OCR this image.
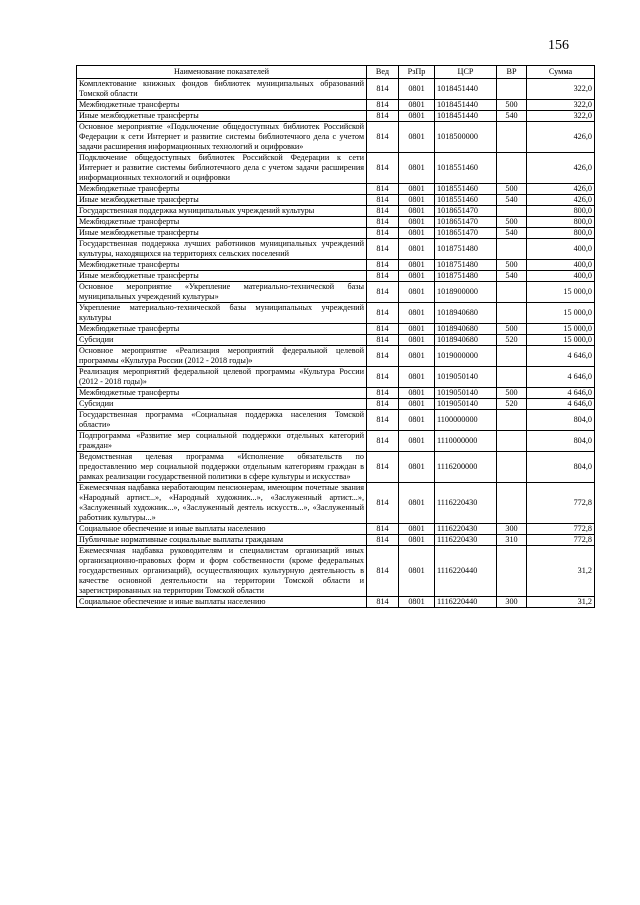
156
Наименование показателей	Вед	РзПр	ЦСР	ВР	Сумма
Комплектование книжных фондов библиотек муниципальных образований Томской области	814	0801	1018451440		322,0
Межбюджетные трансферты	814	0801	1018451440	500	322,0
Иные межбюджетные трансферты	814	0801	1018451440	540	322,0
Основное мероприятие «Подключение общедоступных библиотек Российской Федерации к сети Интернет и развитие системы библиотечного дела с учетом задачи расширения информационных технологий и оцифровки»	814	0801	1018500000		426,0
Подключение общедоступных библиотек Российской Федерации к сети Интернет и развитие системы библиотечного дела с учетом задачи расширения информационных технологий и оцифровки	814	0801	1018551460		426,0
Межбюджетные трансферты	814	0801	1018551460	500	426,0
Иные межбюджетные трансферты	814	0801	1018551460	540	426,0
Государственная поддержка муниципальных учреждений культуры	814	0801	1018651470		800,0
Межбюджетные трансферты	814	0801	1018651470	500	800,0
Иные межбюджетные трансферты	814	0801	1018651470	540	800,0
Государственная поддержка лучших работников муниципальных учреждений культуры, находящихся на территориях сельских поселений	814	0801	1018751480		400,0
Межбюджетные трансферты	814	0801	1018751480	500	400,0
Иные межбюджетные трансферты	814	0801	1018751480	540	400,0
Основное мероприятие «Укрепление материально-технической базы муниципальных учреждений культуры»	814	0801	1018900000		15 000,0
Укрепление материально-технической базы муниципальных учреждений культуры	814	0801	1018940680		15 000,0
Межбюджетные трансферты	814	0801	1018940680	500	15 000,0
Субсидии	814	0801	1018940680	520	15 000,0
Основное мероприятие «Реализация мероприятий федеральной целевой программы «Культура России (2012 - 2018 годы)»	814	0801	1019000000		4 646,0
Реализация мероприятий федеральной целевой программы «Культура России (2012 - 2018 годы)»	814	0801	1019050140		4 646,0
Межбюджетные трансферты	814	0801	1019050140	500	4 646,0
Субсидии	814	0801	1019050140	520	4 646,0
Государственная программа «Социальная поддержка населения Томской области»	814	0801	1100000000		804,0
Подпрограмма «Развитие мер социальной поддержки отдельных категорий граждан»	814	0801	1110000000		804,0
Ведомственная целевая программа «Исполнение обязательств по предоставлению мер социальной поддержки отдельным категориям граждан в рамках реализации государственной политики в сфере культуры и искусства»	814	0801	1116200000		804,0
Ежемесячная надбавка неработающим пенсионерам, имеющим почетные звания «Народный артист...», «Народный художник...», «Заслуженный артист...», «Заслуженный художник...», «Заслуженный деятель искусств...», «Заслуженный работник культуры...»	814	0801	1116220430		772,8
Социальное обеспечение и иные выплаты населению	814	0801	1116220430	300	772,8
Публичные нормативные социальные выплаты гражданам	814	0801	1116220430	310	772,8
Ежемесячная надбавка руководителям и специалистам организаций иных организационно-правовых форм и форм собственности (кроме федеральных государственных организаций), осуществляющих культурную деятельность в качестве основной деятельности на территории Томской области и зарегистрированных на территории Томской области	814	0801	1116220440		31,2
Социальное обеспечение и иные выплаты населению	814	0801	1116220440	300	31,2
